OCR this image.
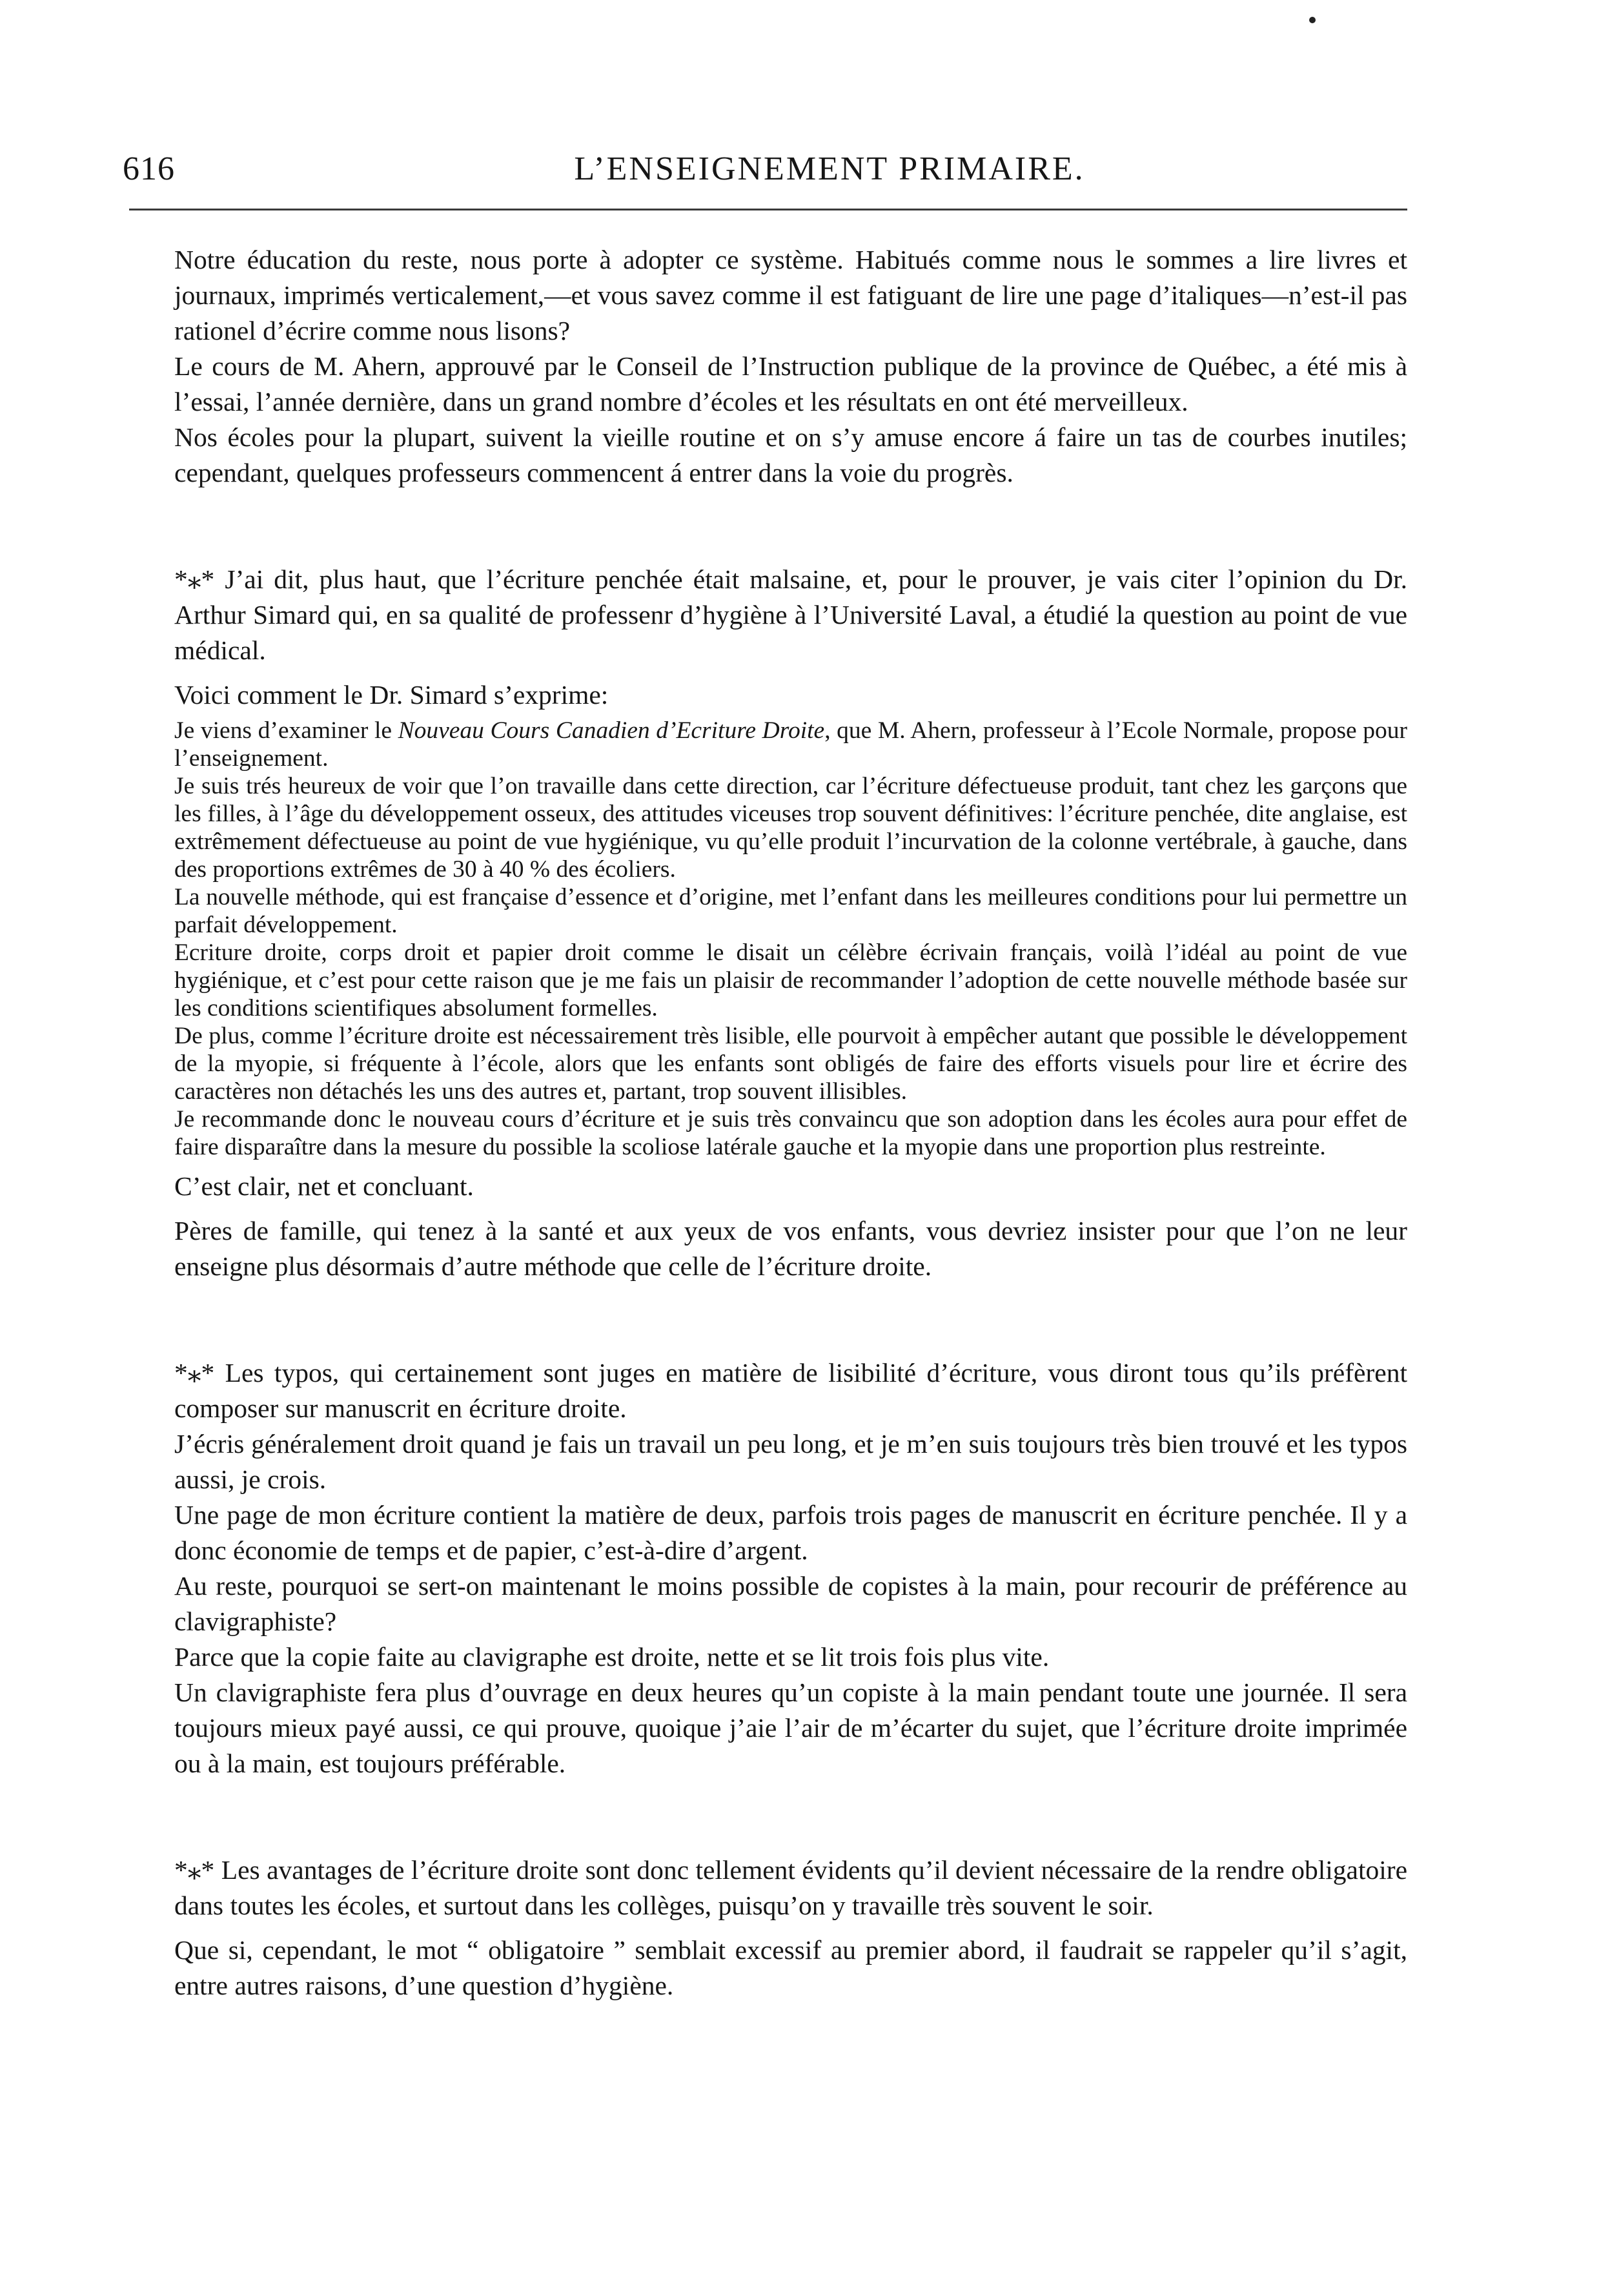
616	L’ENSEIGNEMENT PRIMAIRE.

Notre éducation du reste, nous porte à adopter ce système. Habitués comme nous le sommes a lire livres et journaux, imprimés verticalement,—et vous savez comme il est fatiguant de lire une page d’italiques—n’est-il pas rationel d’écrire comme nous lisons?

Le cours de M. Ahern, approuvé par le Conseil de l’Instruction publique de la province de Québec, a été mis à l’essai, l’année dernière, dans un grand nombre d’écoles et les résultats en ont été merveilleux.

Nos écoles pour la plupart, suivent la vieille routine et on s’y amuse encore á faire un tas de courbes inutiles; cependant, quelques professeurs commencent á entrer dans la voie du progrès.

*⁎* J’ai dit, plus haut, que l’écriture penchée était malsaine, et, pour le prouver, je vais citer l’opinion du Dr. Arthur Simard qui, en sa qualité de professenr d’hygiène à l’Université Laval, a étudié la question au point de vue médical.

Voici comment le Dr. Simard s’exprime:

Je viens d’examiner le Nouveau Cours Canadien d’Ecriture Droite, que M. Ahern, professeur à l’Ecole Normale, propose pour l’enseignement.

Je suis trés heureux de voir que l’on travaille dans cette direction, car l’écriture défectueuse produit, tant chez les garçons que les filles, à l’âge du développement osseux, des attitudes viceuses trop souvent définitives: l’écriture penchée, dite anglaise, est extrêmement défectueuse au point de vue hygiénique, vu qu’elle produit l’incurvation de la colonne vertébrale, à gauche, dans des proportions extrêmes de 30 à 40 % des écoliers.

La nouvelle méthode, qui est française d’essence et d’origine, met l’enfant dans les meilleures conditions pour lui permettre un parfait développement.

Ecriture droite, corps droit et papier droit comme le disait un célèbre écrivain français, voilà l’idéal au point de vue hygiénique, et c’est pour cette raison que je me fais un plaisir de recommander l’adoption de cette nouvelle méthode basée sur les conditions scientifiques absolument formelles.

De plus, comme l’écriture droite est nécessairement très lisible, elle pourvoit à empêcher autant que possible le développement de la myopie, si fréquente à l’école, alors que les enfants sont obligés de faire des efforts visuels pour lire et écrire des caractères non détachés les uns des autres et, partant, trop souvent illisibles.

Je recommande donc le nouveau cours d’écriture et je suis très convaincu que son adoption dans les écoles aura pour effet de faire disparaître dans la mesure du possible la scoliose latérale gauche et la myopie dans une proportion plus restreinte.

C’est clair, net et concluant.

Pères de famille, qui tenez à la santé et aux yeux de vos enfants, vous devriez insister pour que l’on ne leur enseigne plus désormais d’autre méthode que celle de l’écriture droite.

*⁎* Les typos, qui certainement sont juges en matière de lisibilité d’écriture, vous diront tous qu’ils préfèrent composer sur manuscrit en écriture droite.

J’écris généralement droit quand je fais un travail un peu long, et je m’en suis toujours très bien trouvé et les typos aussi, je crois.

Une page de mon écriture contient la matière de deux, parfois trois pages de manuscrit en écriture penchée. Il y a donc économie de temps et de papier, c’est-à-dire d’argent.

Au reste, pourquoi se sert-on maintenant le moins possible de copistes à la main, pour recourir de préférence au clavigraphiste?

Parce que la copie faite au clavigraphe est droite, nette et se lit trois fois plus vite.

Un clavigraphiste fera plus d’ouvrage en deux heures qu’un copiste à la main pendant toute une journée. Il sera toujours mieux payé aussi, ce qui prouve, quoique j’aie l’air de m’écarter du sujet, que l’écriture droite imprimée ou à la main, est toujours préférable.

*⁎* Les avantages de l’écriture droite sont donc tellement évidents qu’il devient nécessaire de la rendre obligatoire dans toutes les écoles, et surtout dans les collèges, puisqu’on y travaille très souvent le soir.

Que si, cependant, le mot “ obligatoire ” semblait excessif au premier abord, il faudrait se rappeler qu’il s’agit, entre autres raisons, d’une question d’hygiène.
